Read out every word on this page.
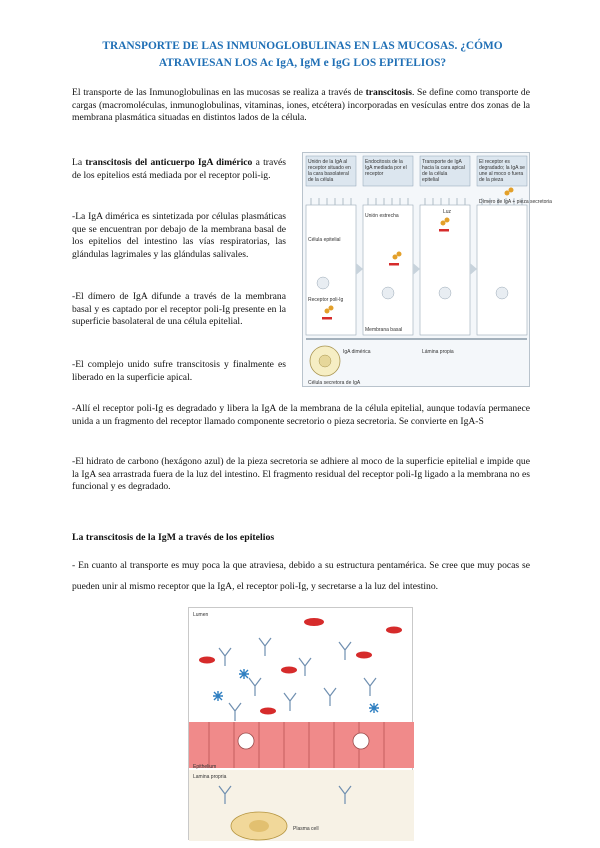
TRANSPORTE DE LAS INMUNOGLOBULINAS EN LAS MUCOSAS. ¿CÓMO
ATRAVIESAN LOS Ac IgA, IgM e IgG LOS EPITELIOS?

El transporte de las Inmunoglobulinas en las mucosas se realiza a través de transcitosis. Se define como transporte de cargas (macromoléculas, inmunoglobulinas, vitaminas, iones, etcétera) incorporadas en vesículas entre dos zonas de la membrana plasmática situadas en distintos lados de la célula.

La transcitosis del anticuerpo IgA dimérico a través de los epitelios está mediada por el receptor poli-ig.

-La IgA dimérica es sintetizada por células plasmáticas que se encuentran por debajo de la membrana basal de los epitelios del intestino las vías respiratorias, las glándulas lagrimales y las glándulas salivales.

-El dímero de IgA difunde a través de la membrana basal y es captado por el receptor poli-Ig presente en la superficie basolateral de una célula epitelial.

-El complejo unido sufre transcitosis y finalmente es liberado en la superficie apical.

-Allí el receptor poli-Ig es degradado y libera la IgA de la membrana de la célula epitelial, aunque todavía permanece unida a un fragmento del receptor llamado componente secretorio o pieza secretoria. Se convierte en IgA-S

-El hidrato de carbono (hexágono azul) de la pieza secretoria se adhiere al moco de la superficie epitelial e impide que la IgA sea arrastrada fuera de la luz del intestino. El fragmento residual del receptor poli-Ig ligado a la membrana no es funcional y es degradado.

Unión de la IgA al receptor situado en la cara basolateral de la célula
Endocitosis de la IgA mediada por el receptor
Transporte de IgA hacia la cara apical de la célula epitelial
El receptor es degradado; la IgA se une al moco o fuera de la pieza
Unión estrecha
Luz
Célula epitelial
Receptor poli-Ig
Membrana basal
Lámina propia
IgA dimérica
Célula secretora de IgA
Dímero de IgA + pieza secretoria
La transcitosis de la IgM a través de los epitelios

- En cuanto al transporte es muy poca la que atraviesa, debido a su estructura pentamérica. Se cree que muy pocas se pueden unir al mismo receptor que la IgA, el receptor poli-Ig, y secretarse a la luz del intestino.

Lumen
Epithelium
Lamina propria
Plasma cell
